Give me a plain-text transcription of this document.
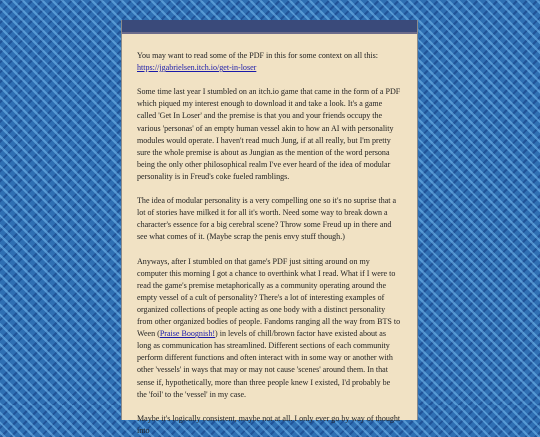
You may want to read some of the PDF in this for some context on all this:
https://jgabrielsen.itch.io/get-in-loser

Some time last year I stumbled on an itch.io game that came in the form of a PDF which piqued my interest enough to download it and take a look. It's a game called 'Get In Loser' and the premise is that you and your friends occupy the various 'personas' of an empty human vessel akin to how an AI with personality modules would operate. I haven't read much Jung, if at all really, but I'm pretty sure the whole premise is about as Jungian as the mention of the word persona being the only other philosophical realm I've ever heard of the idea of modular personality is in Freud's coke fueled ramblings.

The idea of modular personality is a very compelling one so it's no suprise that a lot of stories have milked it for all it's worth. Need some way to break down a character's essence for a big cerebral scene? Throw some Freud up in there and see what comes of it. (Maybe scrap the penis envy stuff though.)

Anyways, after I stumbled on that game's PDF just sitting around on my computer this morning I got a chance to overthink what I read. What if I were to read the game's premise metaphorically as a community operating around the empty vessel of a cult of personality? There's a lot of interesting examples of organized collections of people acting as one body with a distinct personality from other organized bodies of people. Fandoms ranging all the way from BTS to Ween (Praise Boognish!) in levels of chill/brown factor have existed about as long as communication has streamlined. Different sections of each community perform different functions and often interact with in some way or another with other 'vessels' in ways that may or may not cause 'scenes' around them. In that sense if, hypothetically, more than three people knew I existed, I'd probably be the 'foil' to the 'vessel' in my case.

Maybe it's logically consistent, maybe not at all. I only ever go by way of thought into
